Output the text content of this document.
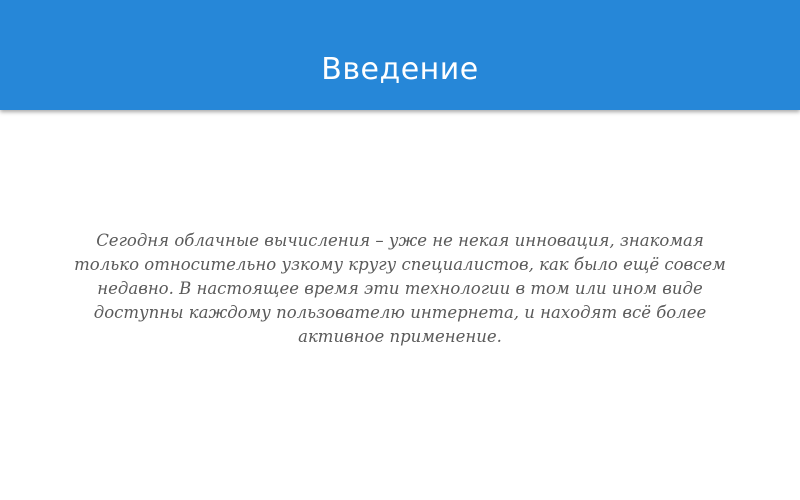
Введение
Сегодня облачные вычисления – уже не некая инновация, знакомая
только относительно узкому кругу специалистов, как было ещё совсем
недавно. В настоящее время эти технологии в том или ином виде
доступны каждому пользователю интернета, и находят всё более
активное применение.
